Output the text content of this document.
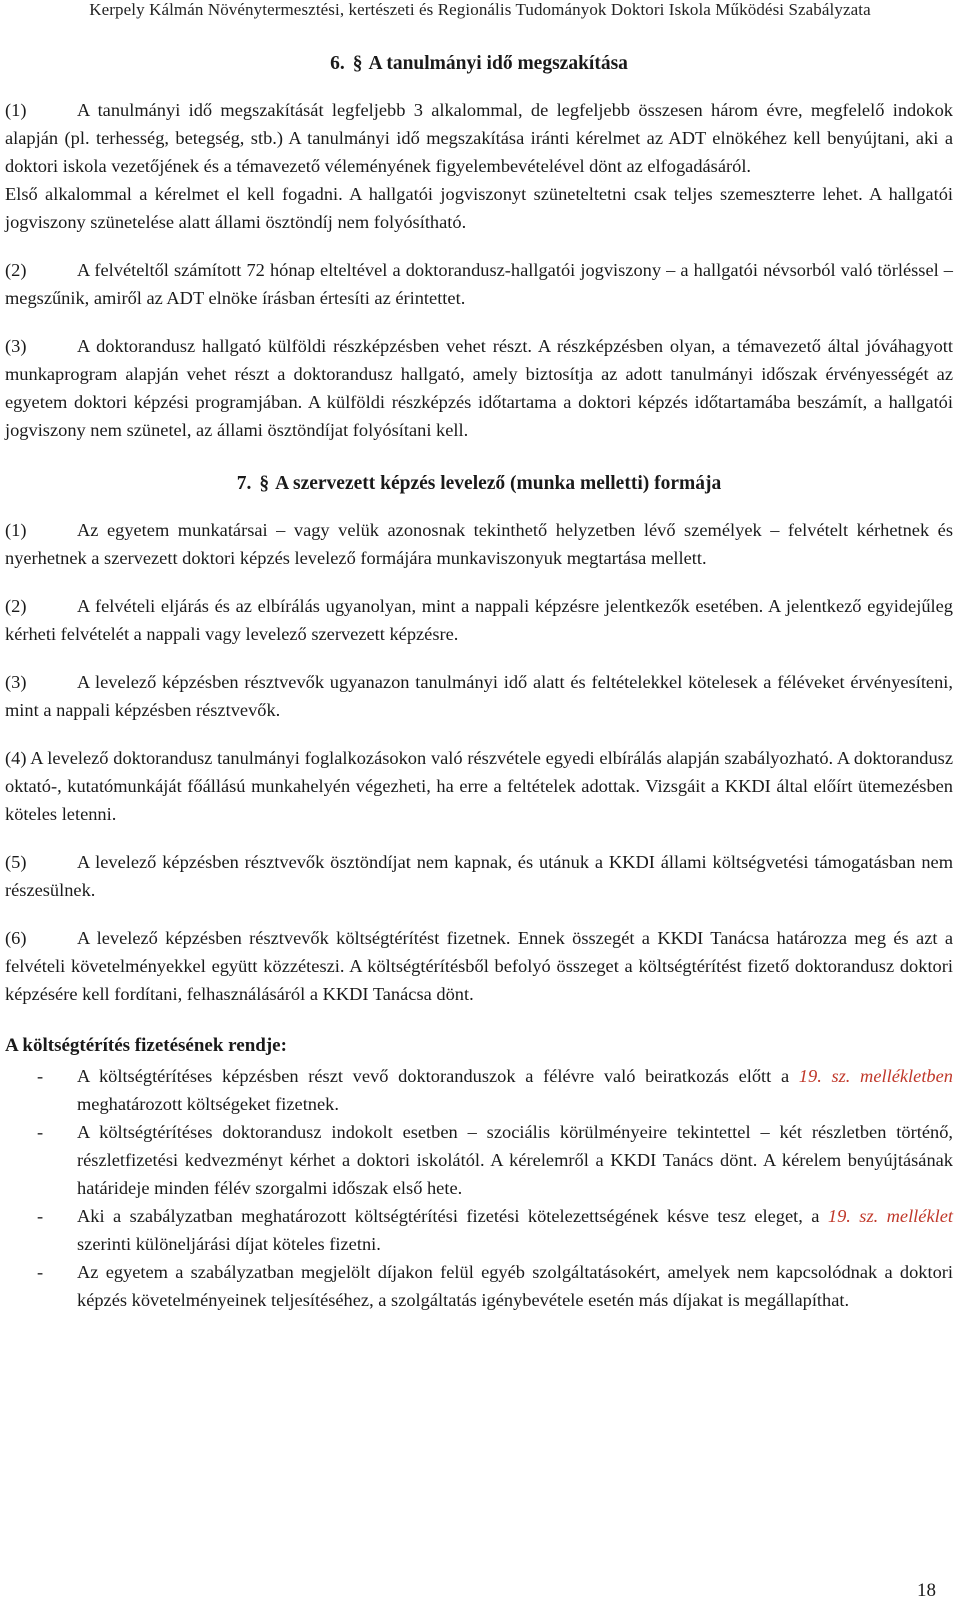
Kerpely Kálmán Növénytermesztési, kertészeti és Regionális Tudományok Doktori Iskola Működési Szabályzata
6. § A tanulmányi idő megszakítása

(1)	A tanulmányi idő megszakítását legfeljebb 3 alkalommal, de legfeljebb összesen három évre, megfelelő indokok alapján (pl. terhesség, betegség, stb.) A tanulmányi idő megszakítása iránti kérelmet az ADT elnökéhez kell benyújtani, aki a doktori iskola vezetőjének és a témavezető véleményének figyelembevételével dönt az elfogadásáról.

Első alkalommal a kérelmet el kell fogadni. A hallgatói jogviszonyt szüneteltetni csak teljes szemeszterre lehet. A hallgatói jogviszony szünetelése alatt állami ösztöndíj nem folyósítható.

(2)	A felvételtől számított 72 hónap elteltével a doktorandusz-hallgatói jogviszony – a hallgatói névsorból való törléssel – megszűnik, amiről az ADT elnöke írásban értesíti az érintettet.

(3)	A doktorandusz hallgató külföldi részképzésben vehet részt. A részképzésben olyan, a témavezető által jóváhagyott munkaprogram alapján vehet részt a doktorandusz hallgató, amely biztosítja az adott tanulmányi időszak érvényességét az egyetem doktori képzési programjában. A külföldi részképzés időtartama a doktori képzés időtartamába beszámít, a hallgatói jogviszony nem szünetel, az állami ösztöndíjat folyósítani kell.

7. § A szervezett képzés levelező (munka melletti) formája

(1)	Az egyetem munkatársai – vagy velük azonosnak tekinthető helyzetben lévő személyek – felvételt kérhetnek és nyerhetnek a szervezett doktori képzés levelező formájára munkaviszonyuk megtartása mellett.

(2)	A felvételi eljárás és az elbírálás ugyanolyan, mint a nappali képzésre jelentkezők esetében. A jelentkező egyidejűleg kérheti felvételét a nappali vagy levelező szervezett képzésre.

(3)	A levelező képzésben résztvevők ugyanazon tanulmányi idő alatt és feltételekkel kötelesek a féléveket érvényesíteni, mint a nappali képzésben résztvevők.

(4) A levelező doktorandusz tanulmányi foglalkozásokon való részvétele egyedi elbírálás alapján szabályozható. A doktorandusz oktató-, kutatómunkáját főállású munkahelyén végezheti, ha erre a feltételek adottak. Vizsgáit a KKDI által előírt ütemezésben köteles letenni.

(5)	A levelező képzésben résztvevők ösztöndíjat nem kapnak, és utánuk a KKDI állami költségvetési támogatásban nem részesülnek.

(6)	A levelező képzésben résztvevők költségtérítést fizetnek. Ennek összegét a KKDI Tanácsa határozza meg és azt a felvételi követelményekkel együtt közzéteszi. A költségtérítésből befolyó összeget a költségtérítést fizető doktorandusz doktori képzésére kell fordítani, felhasználásáról a KKDI Tanácsa dönt.

A költségtérítés fizetésének rendje:
- A költségtérítéses képzésben részt vevő doktoranduszok a félévre való beiratkozás előtt a 19. sz. mellékletben meghatározott költségeket fizetnek.
- A költségtérítéses doktorandusz indokolt esetben – szociális körülményeire tekintettel – két részletben történő, részletfizetési kedvezményt kérhet a doktori iskolától. A kérelemről a KKDI Tanács dönt. A kérelem benyújtásának határideje minden félév szorgalmi időszak első hete.
- Aki a szabályzatban meghatározott költségtérítési fizetési kötelezettségének késve tesz eleget, a 19. sz. melléklet szerinti különeljárási díjat köteles fizetni.
- Az egyetem a szabályzatban megjelölt díjakon felül egyéb szolgáltatásokért, amelyek nem kapcsolódnak a doktori képzés követelményeinek teljesítéséhez, a szolgáltatás igénybevétele esetén más díjakat is megállapíthat.
18
